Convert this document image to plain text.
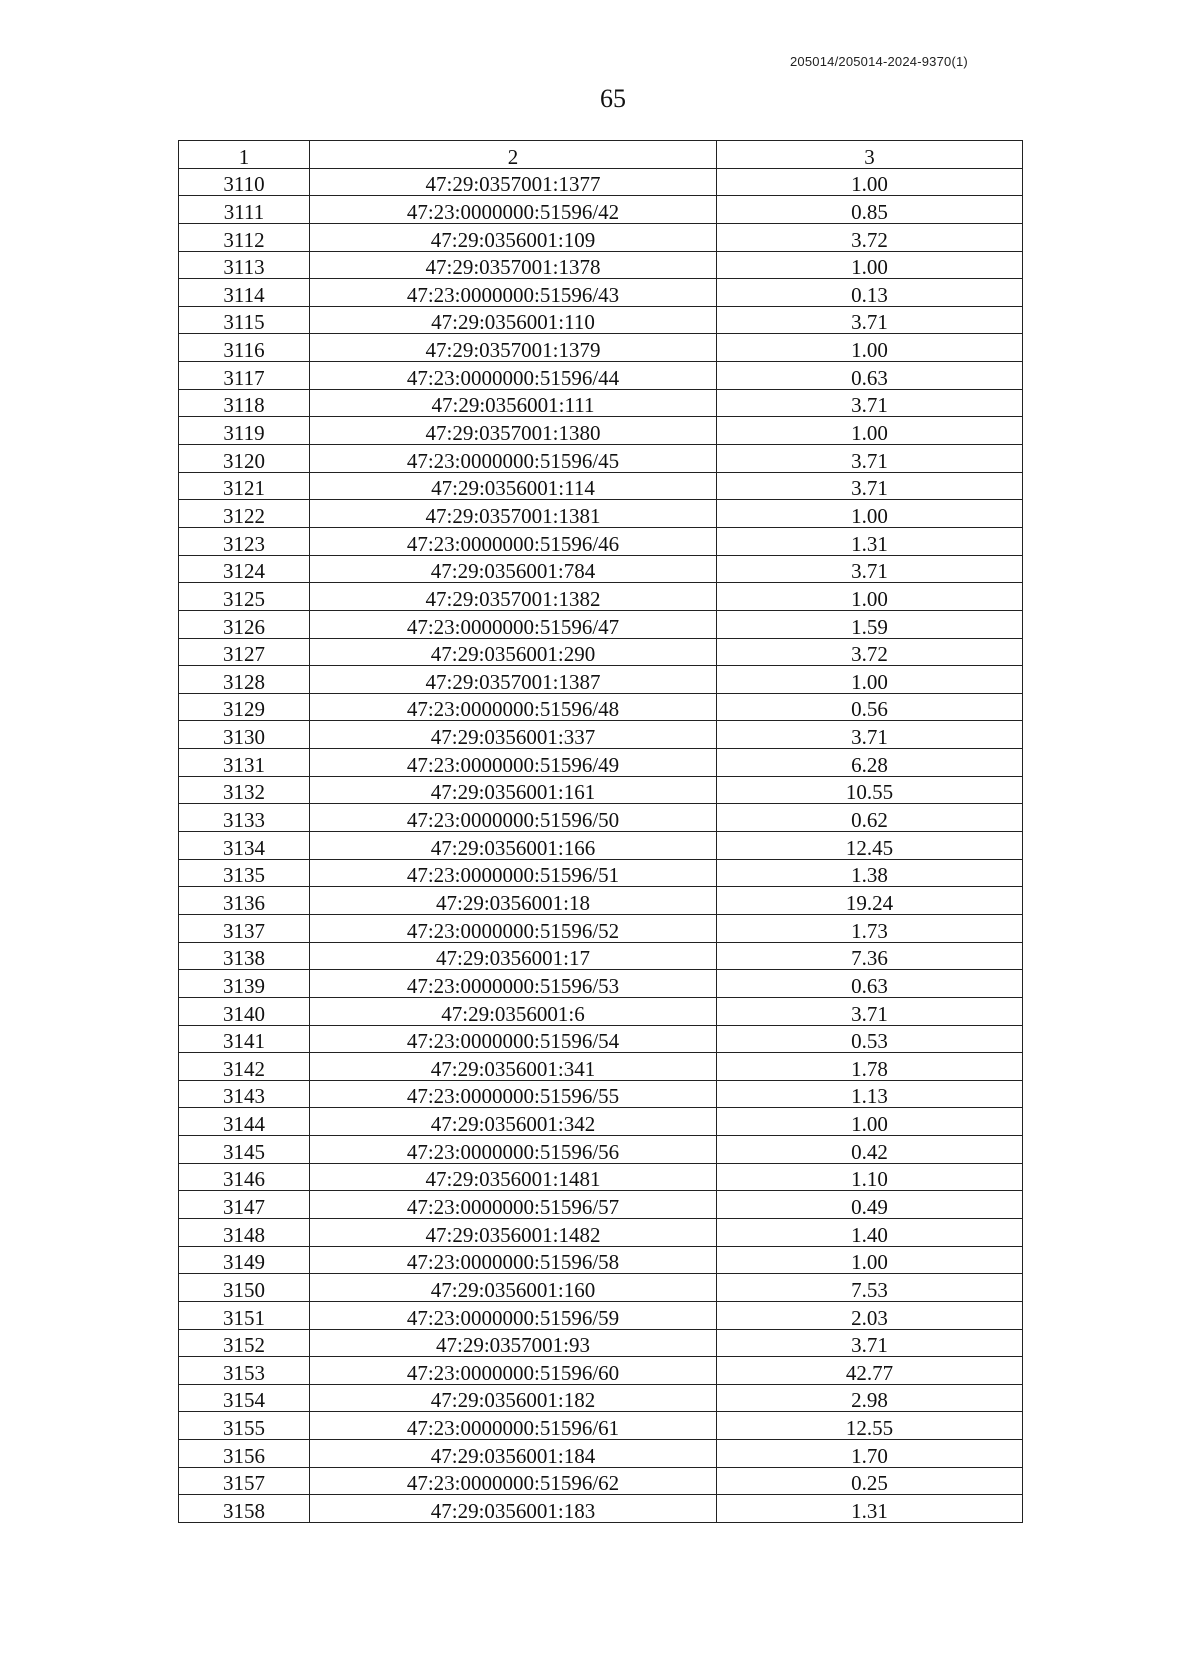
205014/205014-2024-9370(1)
65
1	2	3
3110	47:29:0357001:1377	1.00
3111	47:23:0000000:51596/42	0.85
3112	47:29:0356001:109	3.72
3113	47:29:0357001:1378	1.00
3114	47:23:0000000:51596/43	0.13
3115	47:29:0356001:110	3.71
3116	47:29:0357001:1379	1.00
3117	47:23:0000000:51596/44	0.63
3118	47:29:0356001:111	3.71
3119	47:29:0357001:1380	1.00
3120	47:23:0000000:51596/45	3.71
3121	47:29:0356001:114	3.71
3122	47:29:0357001:1381	1.00
3123	47:23:0000000:51596/46	1.31
3124	47:29:0356001:784	3.71
3125	47:29:0357001:1382	1.00
3126	47:23:0000000:51596/47	1.59
3127	47:29:0356001:290	3.72
3128	47:29:0357001:1387	1.00
3129	47:23:0000000:51596/48	0.56
3130	47:29:0356001:337	3.71
3131	47:23:0000000:51596/49	6.28
3132	47:29:0356001:161	10.55
3133	47:23:0000000:51596/50	0.62
3134	47:29:0356001:166	12.45
3135	47:23:0000000:51596/51	1.38
3136	47:29:0356001:18	19.24
3137	47:23:0000000:51596/52	1.73
3138	47:29:0356001:17	7.36
3139	47:23:0000000:51596/53	0.63
3140	47:29:0356001:6	3.71
3141	47:23:0000000:51596/54	0.53
3142	47:29:0356001:341	1.78
3143	47:23:0000000:51596/55	1.13
3144	47:29:0356001:342	1.00
3145	47:23:0000000:51596/56	0.42
3146	47:29:0356001:1481	1.10
3147	47:23:0000000:51596/57	0.49
3148	47:29:0356001:1482	1.40
3149	47:23:0000000:51596/58	1.00
3150	47:29:0356001:160	7.53
3151	47:23:0000000:51596/59	2.03
3152	47:29:0357001:93	3.71
3153	47:23:0000000:51596/60	42.77
3154	47:29:0356001:182	2.98
3155	47:23:0000000:51596/61	12.55
3156	47:29:0356001:184	1.70
3157	47:23:0000000:51596/62	0.25
3158	47:29:0356001:183	1.31
